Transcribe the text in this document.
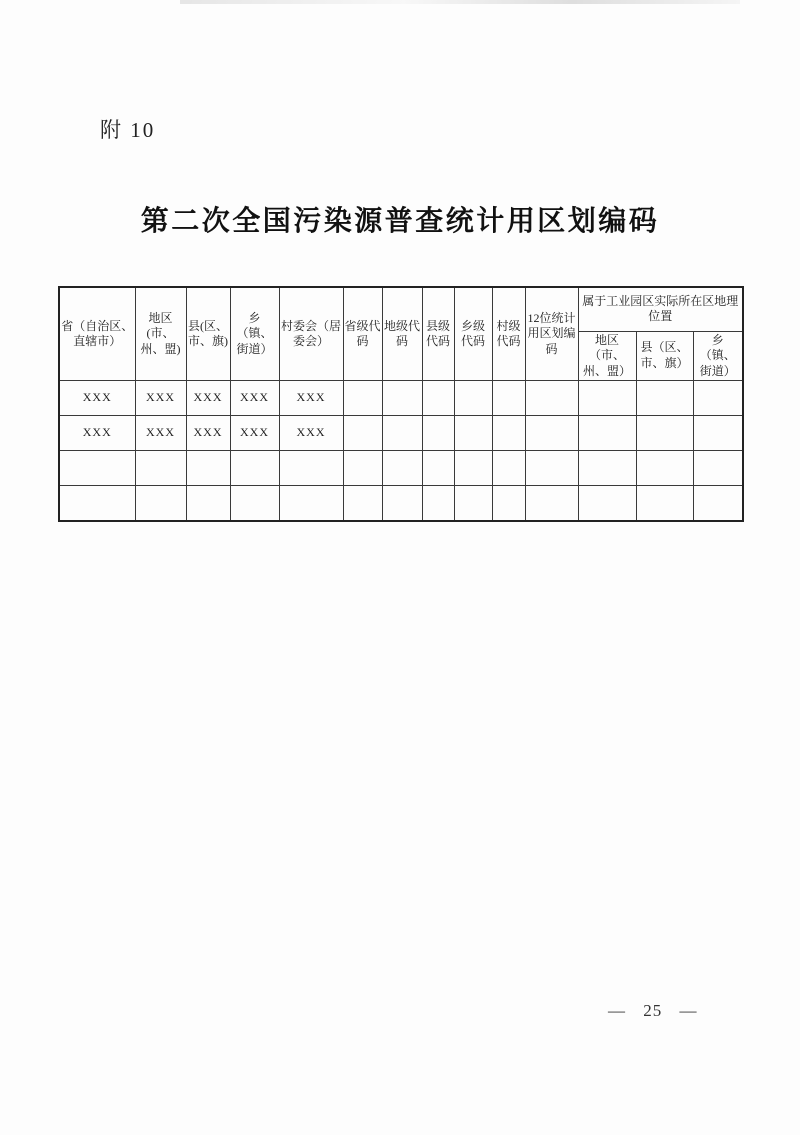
附 10
第二次全国污染源普查统计用区划编码
省（自治区、直辖市）	地区(市、州、盟)	县(区、市、旗)	乡（镇、街道）	村委会（居委会）	省级代码	地级代码	县级代码	乡级代码	村级代码	12位统计用区划编码	属于工业园区实际所在区地理位置		
											地区（市、州、盟）	县（区、市、旗）	乡（镇、街道）
XXX	XXX	XXX	XXX	XXX									
XXX	XXX	XXX	XXX	XXX									

— 25 —
